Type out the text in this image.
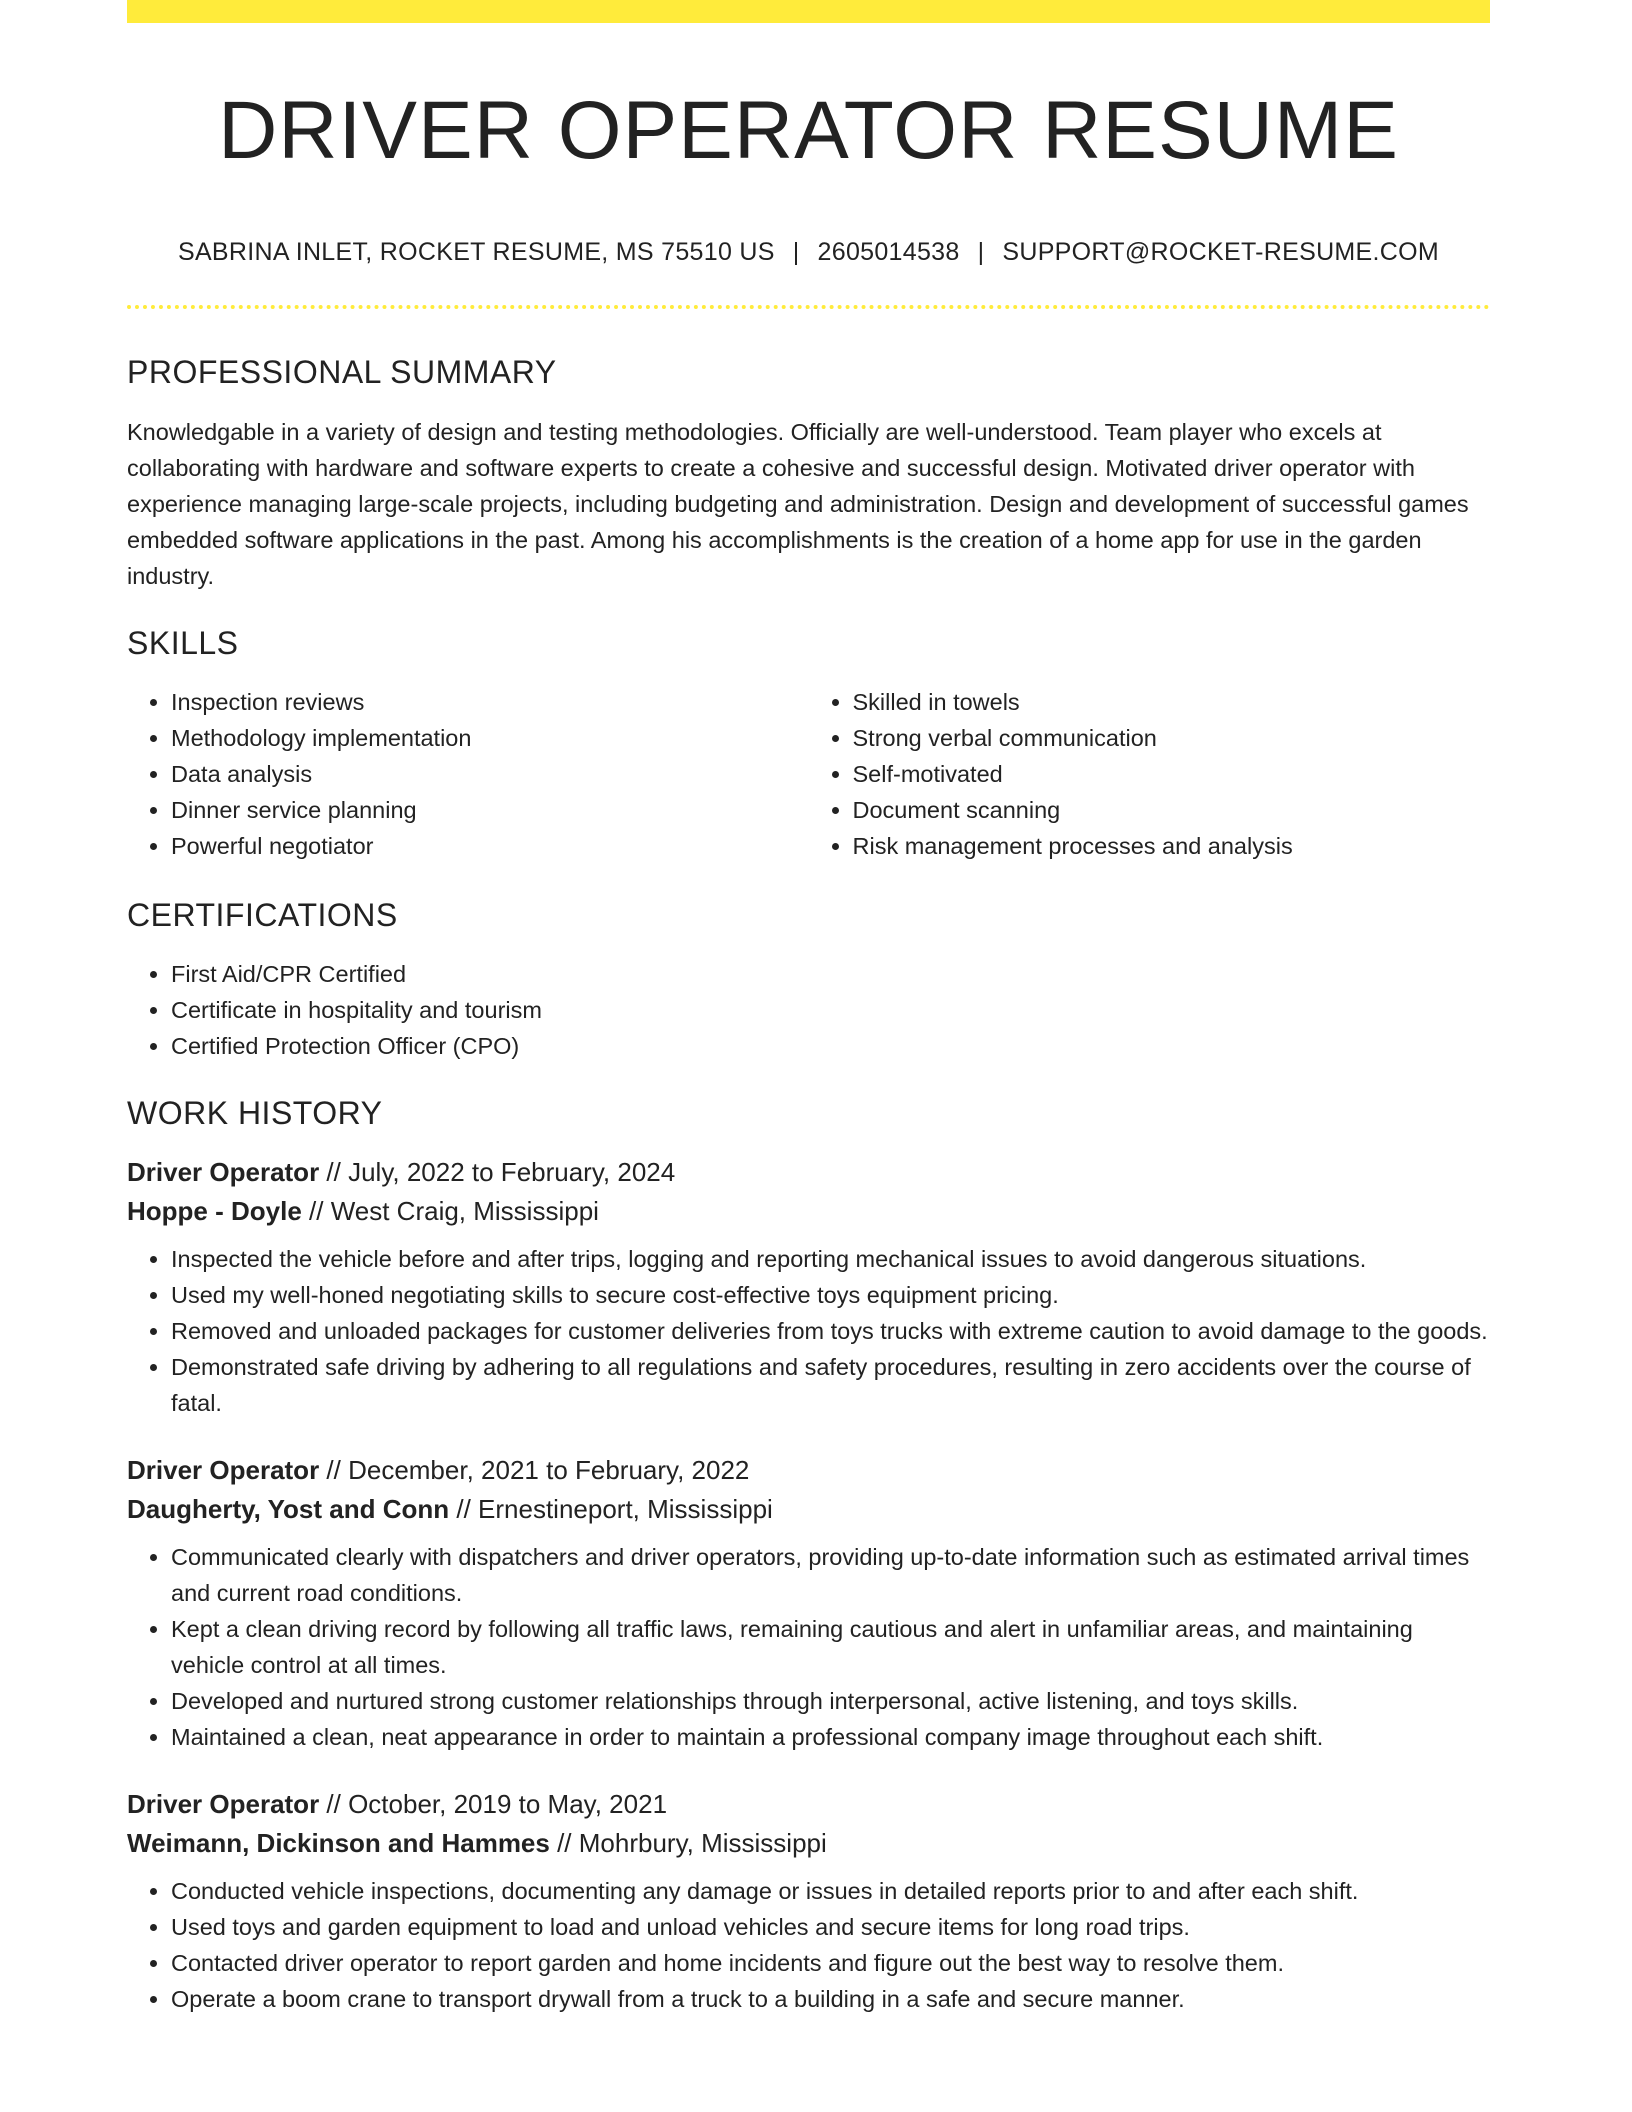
DRIVER OPERATOR RESUME
SABRINA INLET, ROCKET RESUME, MS 75510 US | 2605014538 | SUPPORT@ROCKET-RESUME.COM
PROFESSIONAL SUMMARY

Knowledgable in a variety of design and testing methodologies. Officially are well-understood. Team player who excels at collaborating with hardware and software experts to create a cohesive and successful design. Motivated driver operator with experience managing large-scale projects, including budgeting and administration. Design and development of successful games embedded software applications in the past. Among his accomplishments is the creation of a home app for use in the garden industry.

SKILLS
• Inspection reviews
• Methodology implementation
• Data analysis
• Dinner service planning
• Powerful negotiator
• Skilled in towels
• Strong verbal communication
• Self-motivated
• Document scanning
• Risk management processes and analysis
CERTIFICATIONS
• First Aid/CPR Certified
• Certificate in hospitality and tourism
• Certified Protection Officer (CPO)
WORK HISTORY

Driver Operator // July, 2022 to February, 2024

Hoppe - Doyle // West Craig, Mississippi

• Inspected the vehicle before and after trips, logging and reporting mechanical issues to avoid dangerous situations.
• Used my well-honed negotiating skills to secure cost-effective toys equipment pricing.
• Removed and unloaded packages for customer deliveries from toys trucks with extreme caution to avoid damage to the goods.
• Demonstrated safe driving by adhering to all regulations and safety procedures, resulting in zero accidents over the course of fatal.

Driver Operator // December, 2021 to February, 2022

Daugherty, Yost and Conn // Ernestineport, Mississippi

• Communicated clearly with dispatchers and driver operators, providing up-to-date information such as estimated arrival times and current road conditions.
• Kept a clean driving record by following all traffic laws, remaining cautious and alert in unfamiliar areas, and maintaining vehicle control at all times.
• Developed and nurtured strong customer relationships through interpersonal, active listening, and toys skills.
• Maintained a clean, neat appearance in order to maintain a professional company image throughout each shift.

Driver Operator // October, 2019 to May, 2021

Weimann, Dickinson and Hammes // Mohrbury, Mississippi

• Conducted vehicle inspections, documenting any damage or issues in detailed reports prior to and after each shift.
• Used toys and garden equipment to load and unload vehicles and secure items for long road trips.
• Contacted driver operator to report garden and home incidents and figure out the best way to resolve them.
• Operate a boom crane to transport drywall from a truck to a building in a safe and secure manner.
